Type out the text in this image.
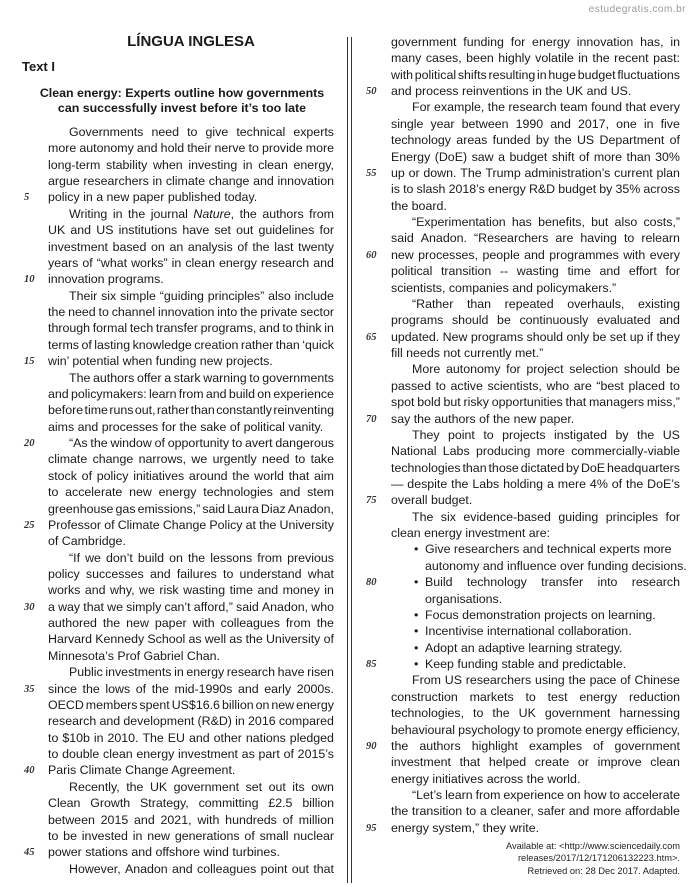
estudegratis.com.br
LÍNGUA INGLESA
Text I
Clean energy: Experts outline how governments can successfully invest before it’s too late
Governments need to give technical experts
more autonomy and hold their nerve to provide more
long-term stability when investing in clean energy,
argue researchers in climate change and innovation
policy in a new paper published today.
Writing in the journal Nature, the authors from
UK and US institutions have set out guidelines for
investment based on an analysis of the last twenty
years of “what works” in clean energy research and
innovation programs.
Their six simple “guiding principles” also include
the need to channel innovation into the private sector
through formal tech transfer programs, and to think in
terms of lasting knowledge creation rather than ‘quick
win’ potential when funding new projects.
The authors offer a stark warning to governments
and policymakers: learn from and build on experience
before time runs out, rather than constantly reinventing
aims and processes for the sake of political vanity.
“As the window of opportunity to avert dangerous
climate change narrows, we urgently need to take
stock of policy initiatives around the world that aim
to accelerate new energy technologies and stem
greenhouse gas emissions,” said Laura Diaz Anadon,
Professor of Climate Change Policy at the University
of Cambridge.
“If we don’t build on the lessons from previous
policy successes and failures to understand what
works and why, we risk wasting time and money in
a way that we simply can’t afford,” said Anadon, who
authored the new paper with colleagues from the
Harvard Kennedy School as well as the University of
Minnesota’s Prof Gabriel Chan.
Public investments in energy research have risen
since the lows of the mid-1990s and early 2000s.
OECD members spent US$16.6 billion on new energy
research and development (R&D) in 2016 compared
to $10b in 2010. The EU and other nations pledged
to double clean energy investment as part of 2015’s
Paris Climate Change Agreement.
Recently, the UK government set out its own
Clean Growth Strategy, committing £2.5 billion
between 2015 and 2021, with hundreds of million
to be invested in new generations of small nuclear
power stations and offshore wind turbines.
However, Anadon and colleagues point out that
government funding for energy innovation has, in
many cases, been highly volatile in the recent past:
with political shifts resulting in huge budget fluctuations
and process reinventions in the UK and US.
For example, the research team found that every
single year between 1990 and 2017, one in five
technology areas funded by the US Department of
Energy (DoE) saw a budget shift of more than 30%
up or down. The Trump administration’s current plan
is to slash 2018’s energy R&D budget by 35% across
the board.
“Experimentation has benefits, but also costs,”
said Anadon. “Researchers are having to relearn
new processes, people and programmes with every
political transition -- wasting time and effort for
scientists, companies and policymakers.”
“Rather than repeated overhauls, existing
programs should be continuously evaluated and
updated. New programs should only be set up if they
fill needs not currently met.”
More autonomy for project selection should be
passed to active scientists, who are “best placed to
spot bold but risky opportunities that managers miss,”
say the authors of the new paper.
They point to projects instigated by the US
National Labs producing more commercially-viable
technologies than those dictated by DoE headquarters
— despite the Labs holding a mere 4% of the DoE’s
overall budget.
The six evidence-based guiding principles for
clean energy investment are:
Give researchers and technical experts more
•
autonomy and influence over funding decisions.
Build technology transfer into research
•
organisations.
Focus demonstration projects on learning.
•
Incentivise international collaboration.
•
Adopt an adaptive learning strategy.
•
Keep funding stable and predictable.
•
From US researchers using the pace of Chinese
construction markets to test energy reduction
technologies, to the UK government harnessing
behavioural psychology to promote energy efficiency,
the authors highlight examples of government
investment that helped create or improve clean
energy initiatives across the world.
“Let’s learn from experience on how to accelerate
the transition to a cleaner, safer and more affordable
energy system,” they write.
5
10
15
20
25
30
35
40
45
50
55
60
65
70
75
80
85
90
95
Available at: <http://www.sciencedaily.com
releases/2017/12/171206132223.htm>.
Retrieved on: 28 Dec 2017. Adapted.
